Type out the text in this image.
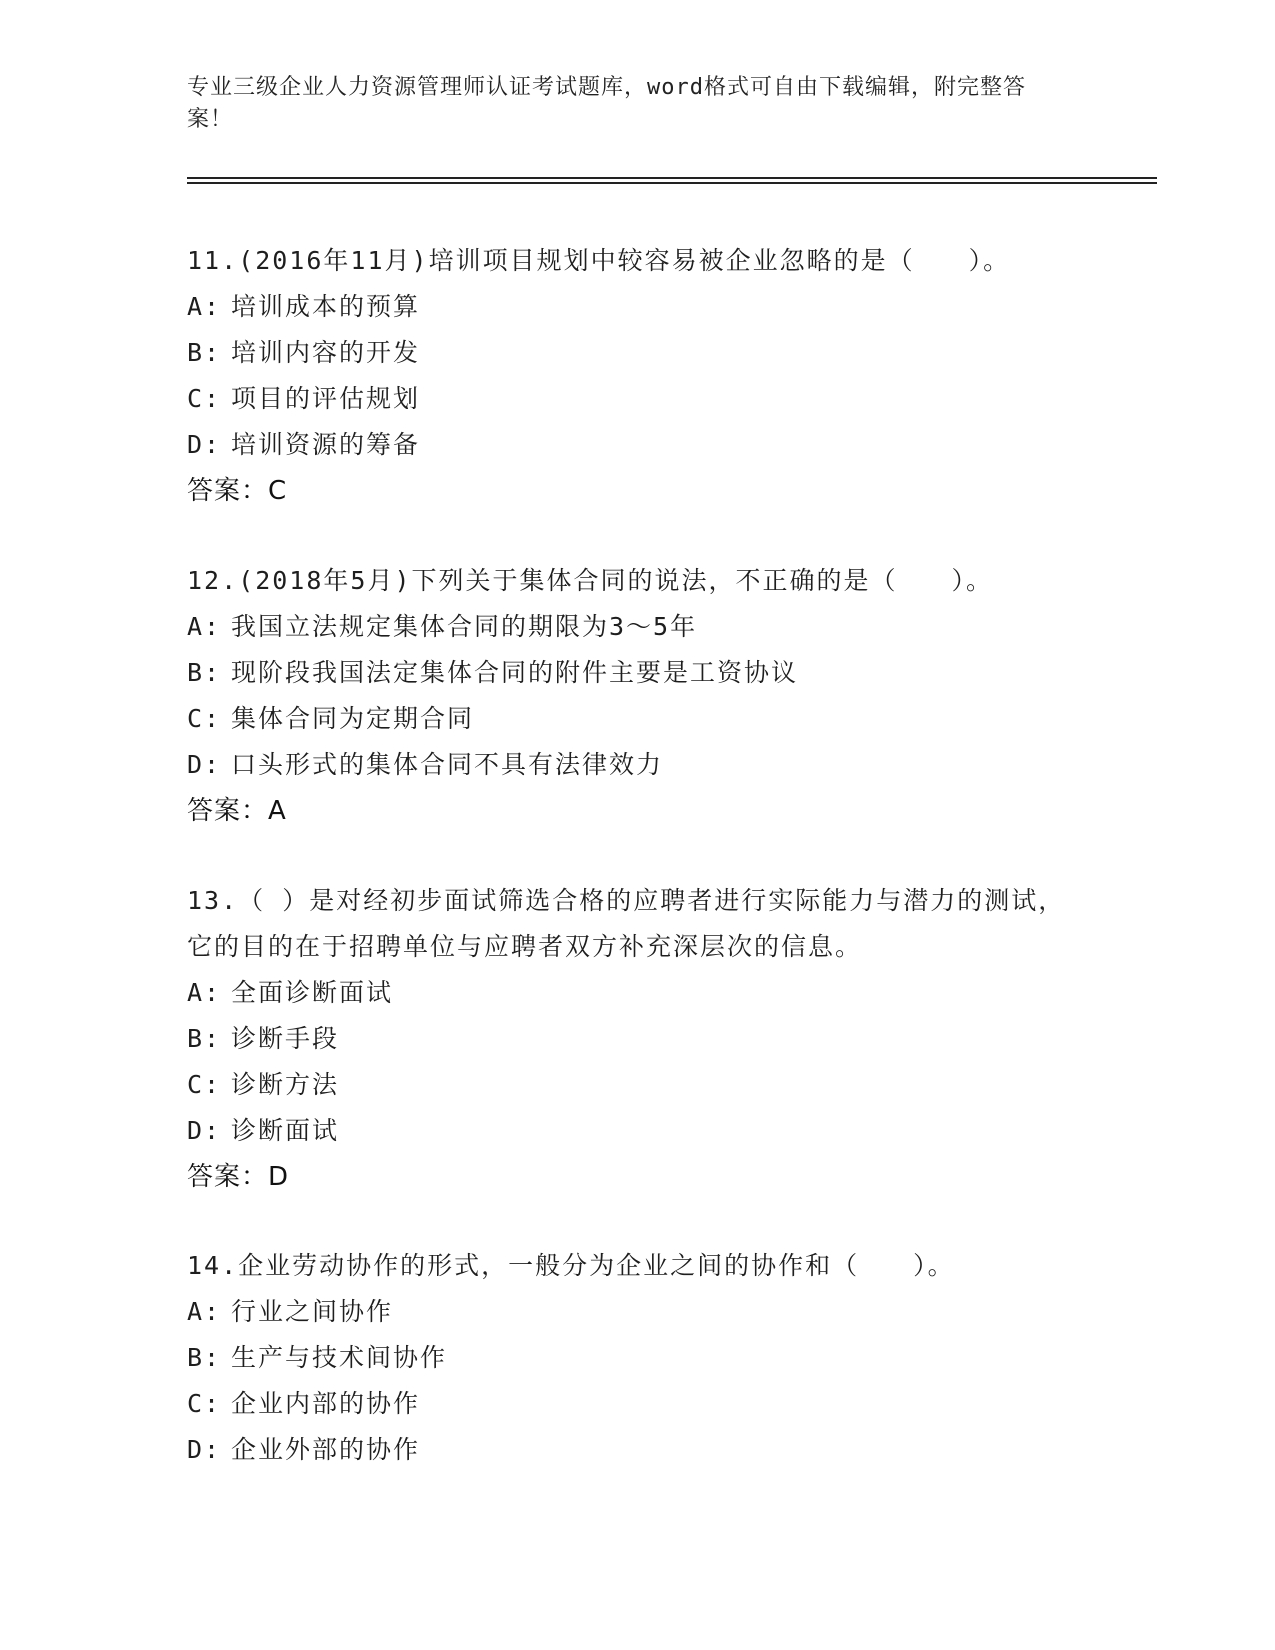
专业三级企业人力资源管理师认证考试题库，word格式可自由下载编辑，附完整答案！

11.(2016年11月)培训项目规划中较容易被企业忽略的是（　　）。

A: 培训成本的预算

B: 培训内容的开发

C: 项目的评估规划

D: 培训资源的筹备

答案：C

12.(2018年5月)下列关于集体合同的说法，不正确的是（　　）。

A: 我国立法规定集体合同的期限为3～5年

B: 现阶段我国法定集体合同的附件主要是工资协议

C: 集体合同为定期合同

D: 口头形式的集体合同不具有法律效力

答案：A

13.（ ）是对经初步面试筛选合格的应聘者进行实际能力与潜力的测试，它的目的在于招聘单位与应聘者双方补充深层次的信息。

A: 全面诊断面试

B: 诊断手段

C: 诊断方法

D: 诊断面试

答案：D

14.企业劳动协作的形式，一般分为企业之间的协作和（　　）。

A: 行业之间协作

B: 生产与技术间协作

C: 企业内部的协作

D: 企业外部的协作
